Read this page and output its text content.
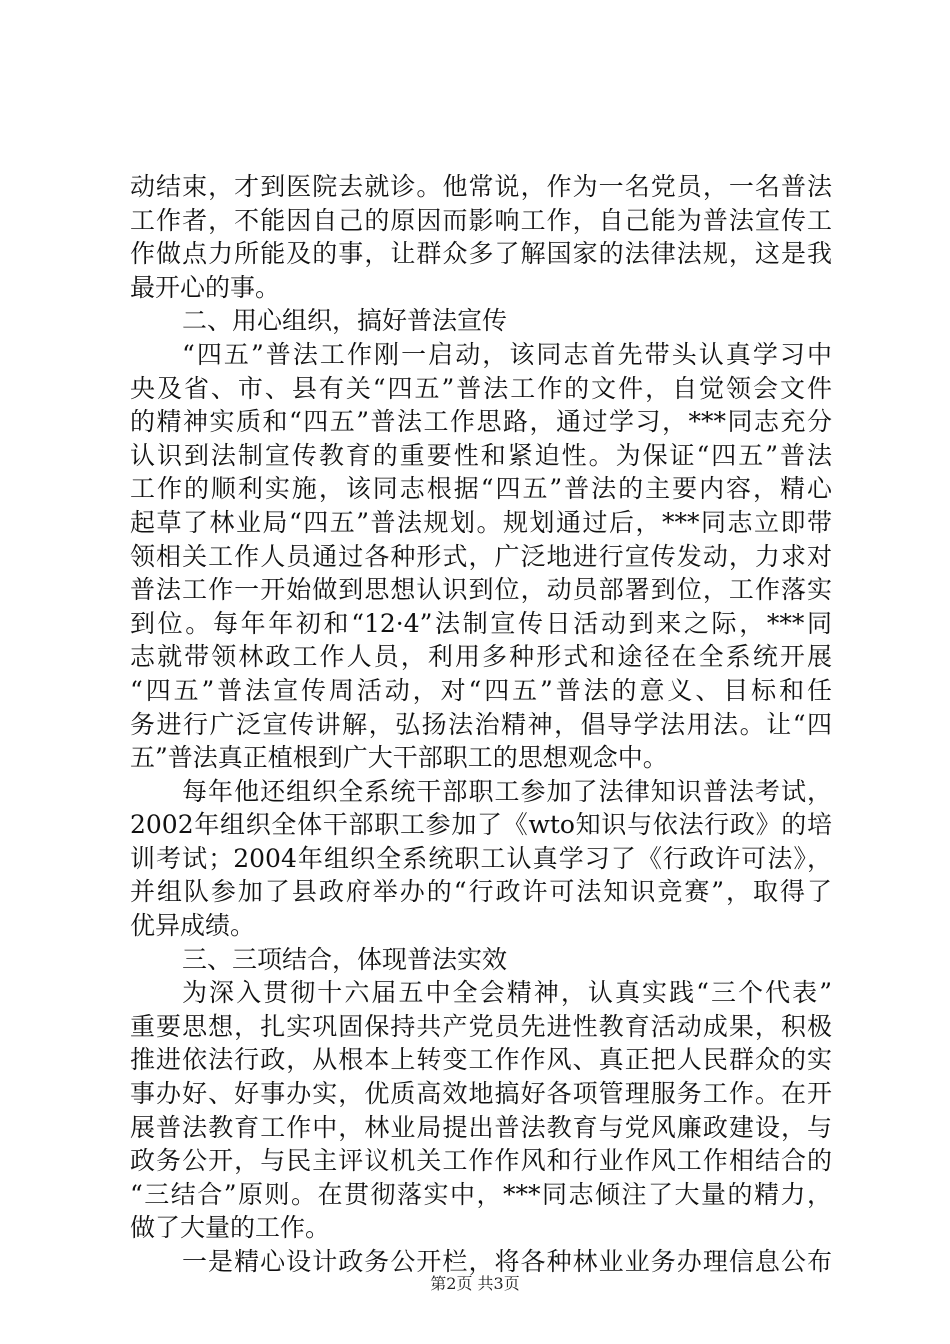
动结束，才到医院去就诊。他常说，作为一名党员，一名普法
工作者，不能因自己的原因而影响工作，自己能为普法宣传工
作做点力所能及的事，让群众多了解国家的法律法规，这是我
最开心的事。
二、用心组织，搞好普法宣传
“四五”普法工作刚一启动，该同志首先带头认真学习中
央及省、市、县有关“四五”普法工作的文件，自觉领会文件
的精神实质和“四五”普法工作思路，通过学习，***同志充分
认识到法制宣传教育的重要性和紧迫性。为保证“四五”普法
工作的顺利实施，该同志根据“四五”普法的主要内容，精心
起草了林业局“四五”普法规划。规划通过后，***同志立即带
领相关工作人员通过各种形式，广泛地进行宣传发动，力求对
普法工作一开始做到思想认识到位，动员部署到位，工作落实
到位。每年年初和“12·4”法制宣传日活动到来之际，***同
志就带领林政工作人员，利用多种形式和途径在全系统开展
“四五”普法宣传周活动，对“四五”普法的意义、目标和任
务进行广泛宣传讲解，弘扬法治精神，倡导学法用法。让“四
五”普法真正植根到广大干部职工的思想观念中。
每年他还组织全系统干部职工参加了法律知识普法考试，
2002年组织全体干部职工参加了《wto知识与依法行政》的培
训考试；2004年组织全系统职工认真学习了《行政许可法》，
并组队参加了县政府举办的“行政许可法知识竞赛”，取得了
优异成绩。
三、三项结合，体现普法实效
为深入贯彻十六届五中全会精神，认真实践“三个代表”
重要思想，扎实巩固保持共产党员先进性教育活动成果，积极
推进依法行政，从根本上转变工作作风、真正把人民群众的实
事办好、好事办实，优质高效地搞好各项管理服务工作。在开
展普法教育工作中，林业局提出普法教育与党风廉政建设，与
政务公开，与民主评议机关工作作风和行业作风工作相结合的
“三结合”原则。在贯彻落实中，***同志倾注了大量的精力，
做了大量的工作。
一是精心设计政务公开栏，将各种林业业务办理信息公布
第2页 共3页
